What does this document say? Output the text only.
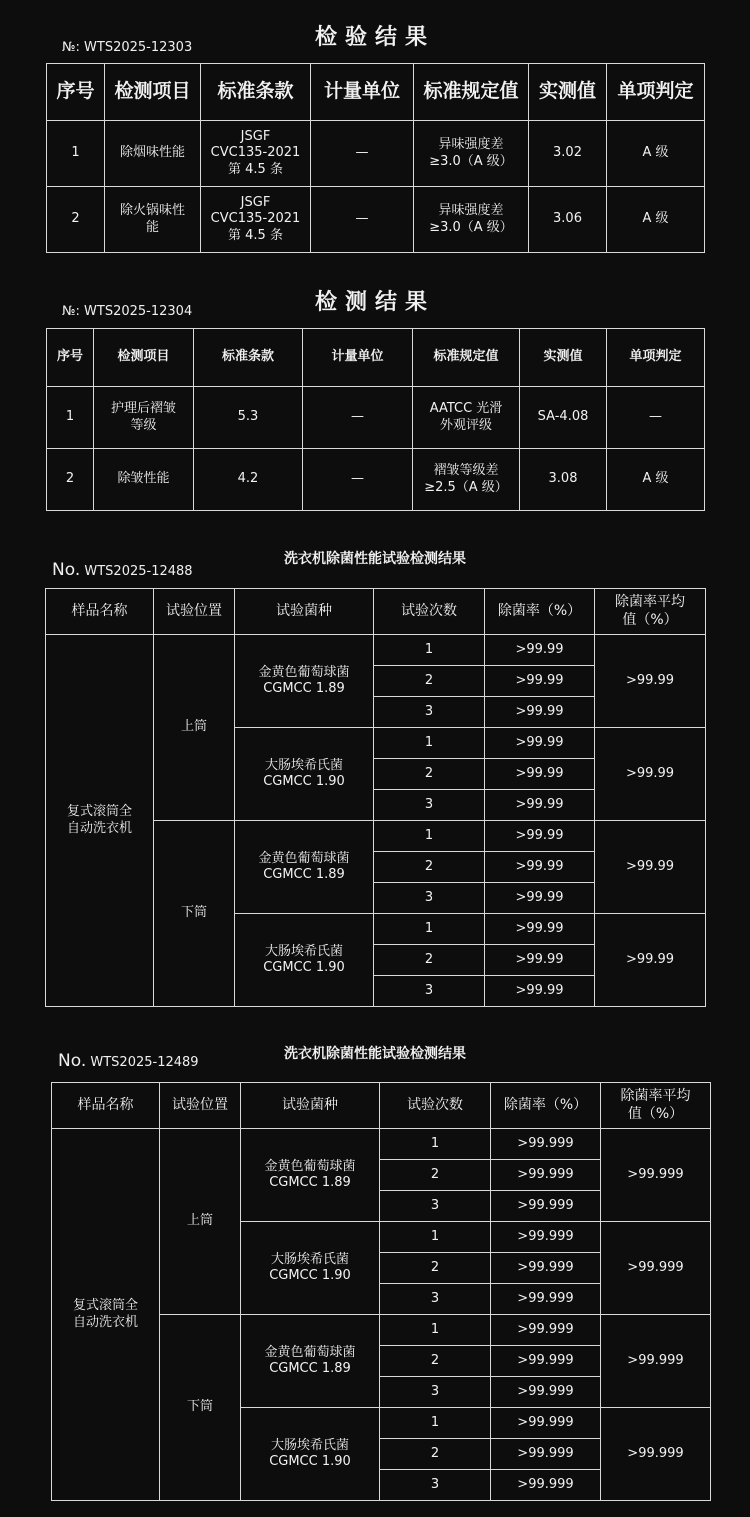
检验结果
№: WTS2025-12303
序号	检测项目	标准条款	计量单位	标准规定值	实测值	单项判定
1	除烟味性能	JSGF
CVC135-2021
第 4.5 条	—	异味强度差
≥3.0（A 级）	3.02	A 级
2	除火锅味性
能	JSGF
CVC135-2021
第 4.5 条	—	异味强度差
≥3.0（A 级）	3.06	A 级
检测结果
№: WTS2025-12304
序号	检测项目	标准条款	计量单位	标准规定值	实测值	单项判定
1	护理后褶皱
等级	5.3	—	AATCC 光滑
外观评级	SA-4.08	—
2	除皱性能	4.2	—	褶皱等级差
≥2.5（A 级）	3.08	A 级
洗衣机除菌性能试验检测结果
No. WTS2025-12488
样品名称	试验位置	试验菌种	试验次数	除菌率（%）	除菌率平均
值（%）
复式滚筒全
自动洗衣机	上筒	金黄色葡萄球菌
CGMCC 1.89	1	>99.99	>99.99
			2	>99.99	
			3	>99.99	
		大肠埃希氏菌
CGMCC 1.90	1	>99.99	>99.99
			2	>99.99	
			3	>99.99	
	下筒	金黄色葡萄球菌
CGMCC 1.89	1	>99.99	>99.99
			2	>99.99	
			3	>99.99	
		大肠埃希氏菌
CGMCC 1.90	1	>99.99	>99.99
			2	>99.99	
			3	>99.99	
洗衣机除菌性能试验检测结果
No. WTS2025-12489
样品名称	试验位置	试验菌种	试验次数	除菌率（%）	除菌率平均
值（%）
复式滚筒全
自动洗衣机	上筒	金黄色葡萄球菌
CGMCC 1.89	1	>99.999	>99.999
			2	>99.999	
			3	>99.999	
		大肠埃希氏菌
CGMCC 1.90	1	>99.999	>99.999
			2	>99.999	
			3	>99.999	
	下筒	金黄色葡萄球菌
CGMCC 1.89	1	>99.999	>99.999
			2	>99.999	
			3	>99.999	
		大肠埃希氏菌
CGMCC 1.90	1	>99.999	>99.999
			2	>99.999	
			3	>99.999	
